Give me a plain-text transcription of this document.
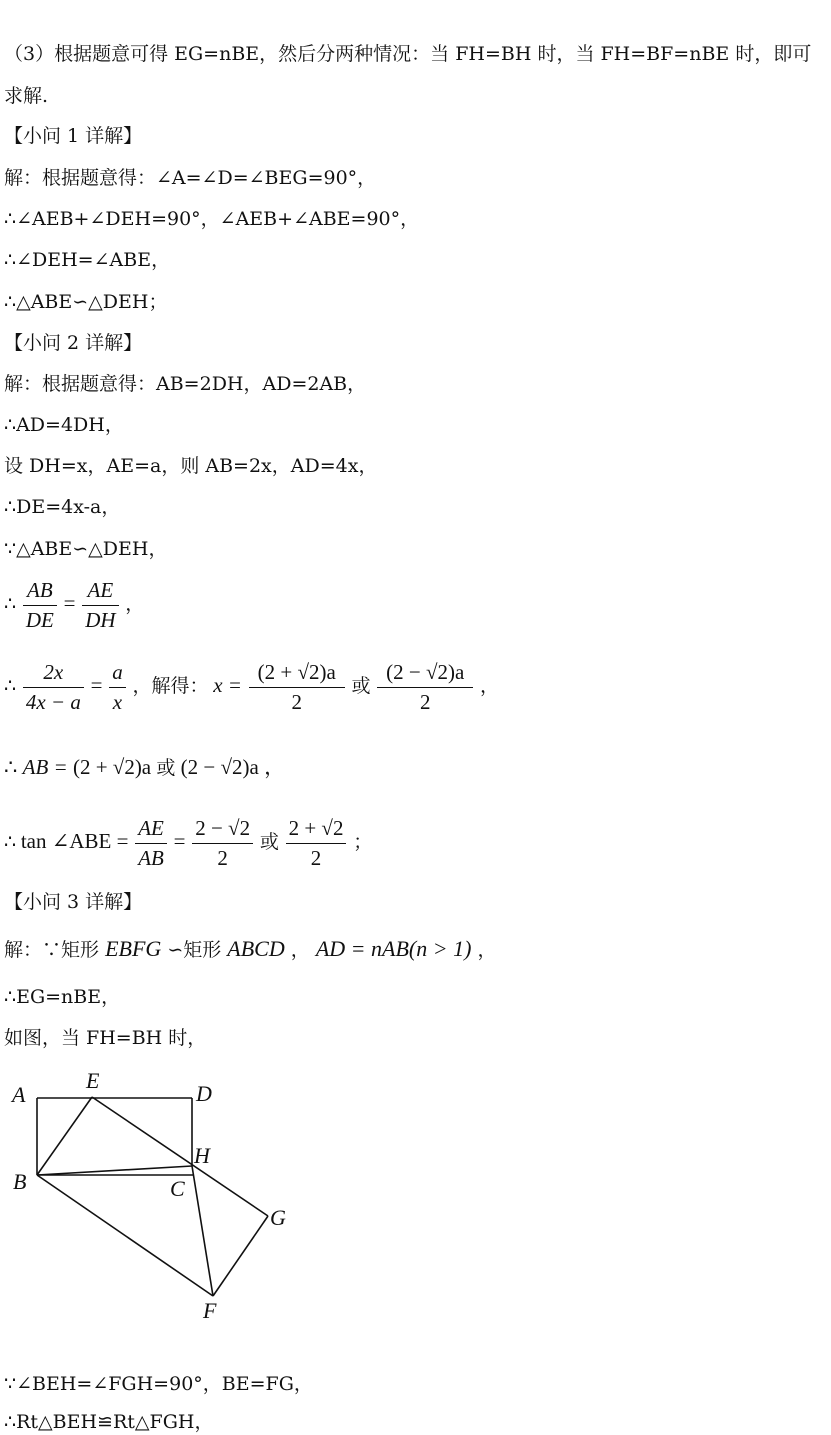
（3）根据题意可得 EG=nBE，然后分两种情况：当 FH=BH 时，当 FH=BF=nBE 时，即可
求解.
【小问 1 详解】
解：根据题意得：∠A=∠D=∠BEG=90°，
∴∠AEB+∠DEH=90°，∠AEB+∠ABE=90°，
∴∠DEH=∠ABE，
∴△ABE∽△DEH；
【小问 2 详解】
解：根据题意得：AB=2DH，AD=2AB，
∴AD=4DH，
设 DH=x，AE=a，则 AB=2x，AD=4x，
∴DE=4x-a，
∵△ABE∽△DEH，
∴ $\frac{AB}{DE} = \frac{AE}{DH}$ ，
∴ $\frac{2x}{4x - a} = \frac{a}{x}$ ，解得： $x = \frac{(2 + √2)a}{2}$ 或 $\frac{(2 - √2)a}{2}$ ，
∴ AB = (2 + √2)a 或 (2 − √2)a ，
∴ tan ∠ABE = $\frac{AE}{AB} = \frac{2 - √2}{2}$ 或 $\frac{2 + √2}{2}$ ；
【小问 3 详解】
解：∵矩形 EBFG ∽矩形 ABCD ， AD = nAB(n > 1) ，
∴EG=nBE，
如图，当 FH=BH 时，
A
E
D
H
B	C
G
F
∵∠BEH=∠FGH=90°，BE=FG，
∴Rt△BEH≌Rt△FGH，
